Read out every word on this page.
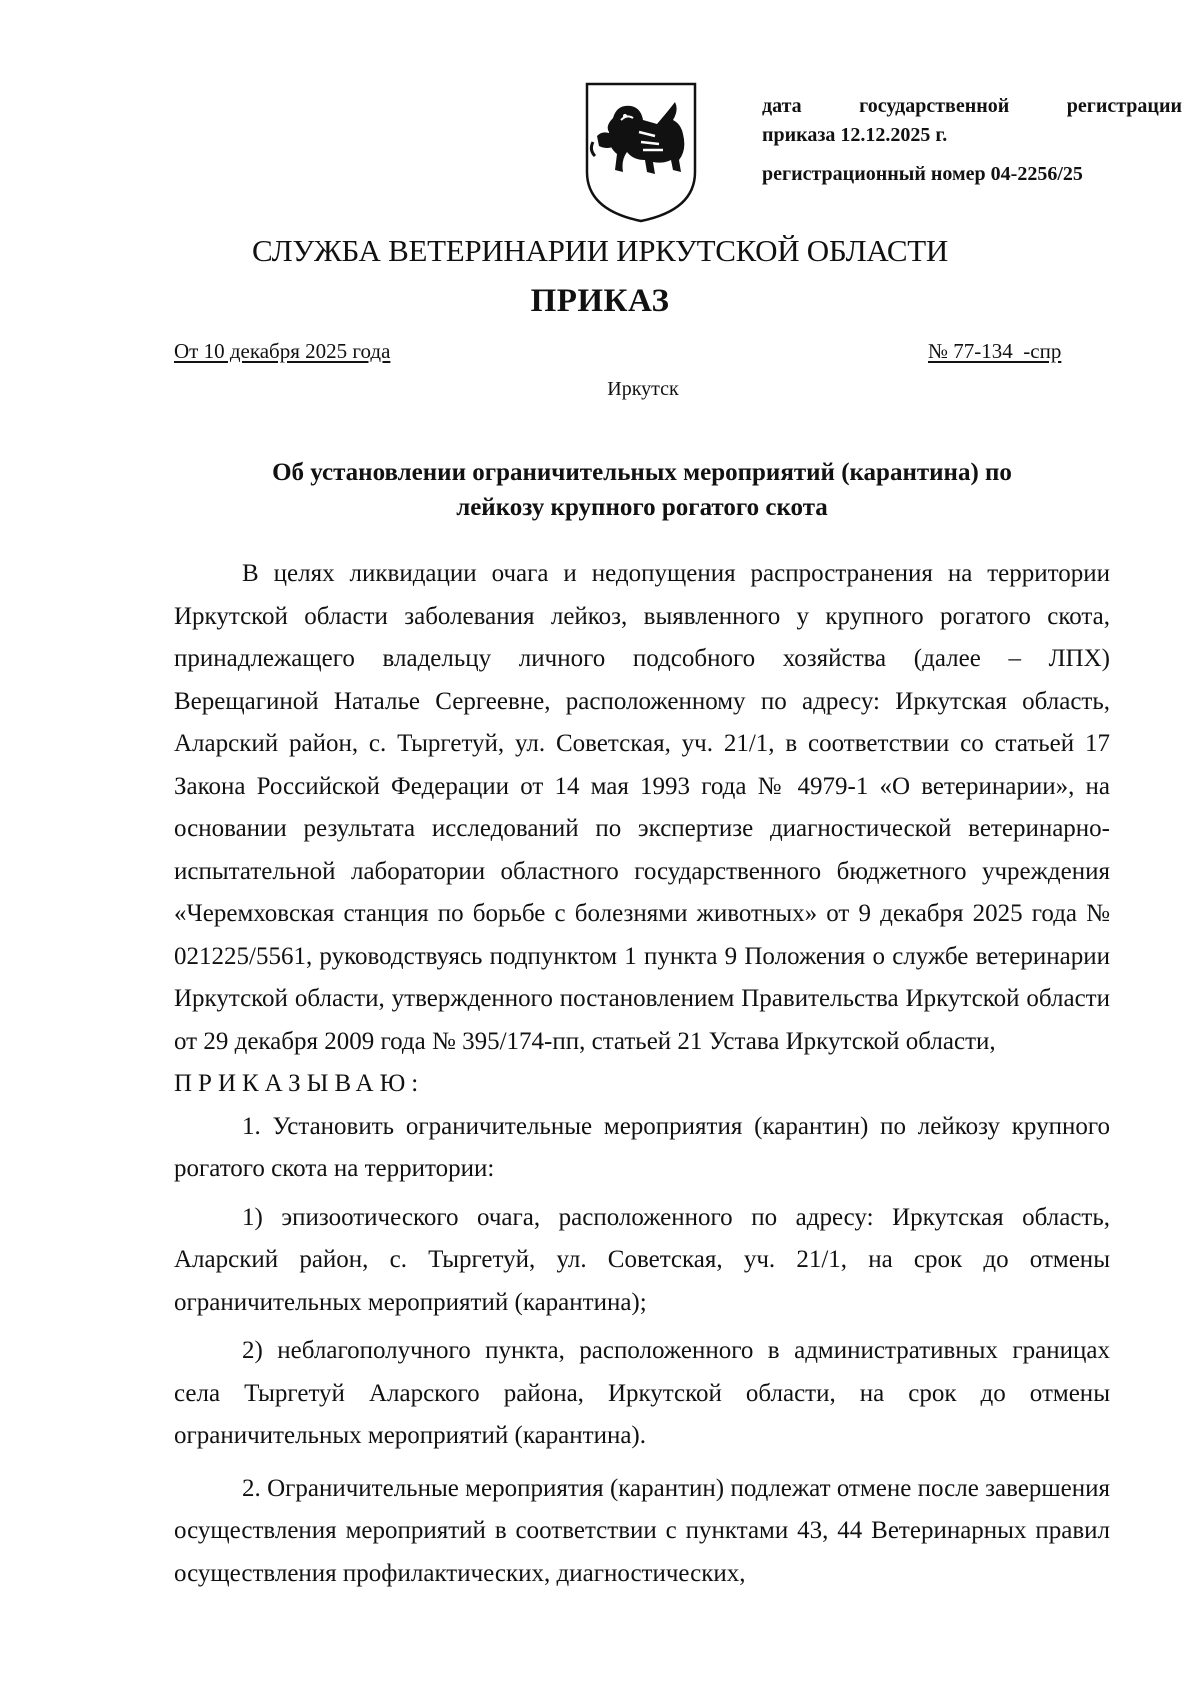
дата государственной регистрации
приказа 12.12.2025 г.
регистрационный номер 04-2256/25
СЛУЖБА ВЕТЕРИНАРИИ ИРКУТСКОЙ ОБЛАСТИ
ПРИКАЗ
От 10 декабря 2025 года	№ 77-134  -спр
Иркутск
Об установлении ограничительных мероприятий (карантина) по
лейкозу крупного рогатого скота

В целях ликвидации очага и недопущения распространения на территории Иркутской области заболевания лейкоз, выявленного у крупного рогатого скота, принадлежащего владельцу личного подсобного хозяйства (далее – ЛПХ) Верещагиной Наталье Сергеевне, расположенному по адресу: Иркутская область, Аларский район, с. Тыргетуй, ул. Советская, уч. 21/1, в соответствии со статьей 17 Закона Российской Федерации от 14 мая 1993 года № 4979-1 «О ветеринарии», на основании результата исследований по экспертизе диагностической ветеринарно-испытательной лаборатории областного государственного бюджетного учреждения «Черемховская станция по борьбе с болезнями животных» от 9 декабря 2025 года № 021225/5561, руководствуясь подпунктом 1 пункта 9 Положения о службе ветеринарии Иркутской области, утвержденного постановлением Правительства Иркутской области от 29 декабря 2009 года № 395/174-пп, статьей 21 Устава Иркутской области,

ПРИКАЗЫВАЮ:

1. Установить ограничительные мероприятия (карантин) по лейкозу крупного рогатого скота на территории:

1) эпизоотического очага, расположенного по адресу: Иркутская область, Аларский район, с. Тыргетуй, ул. Советская, уч. 21/1, на срок до отмены ограничительных мероприятий (карантина);

2) неблагополучного пункта, расположенного в административных границах села Тыргетуй Аларского района, Иркутской области, на срок до отмены ограничительных мероприятий (карантина).

2. Ограничительные мероприятия (карантин) подлежат отмене после завершения осуществления мероприятий в соответствии с пунктами 43, 44 Ветеринарных правил осуществления профилактических, диагностических,
